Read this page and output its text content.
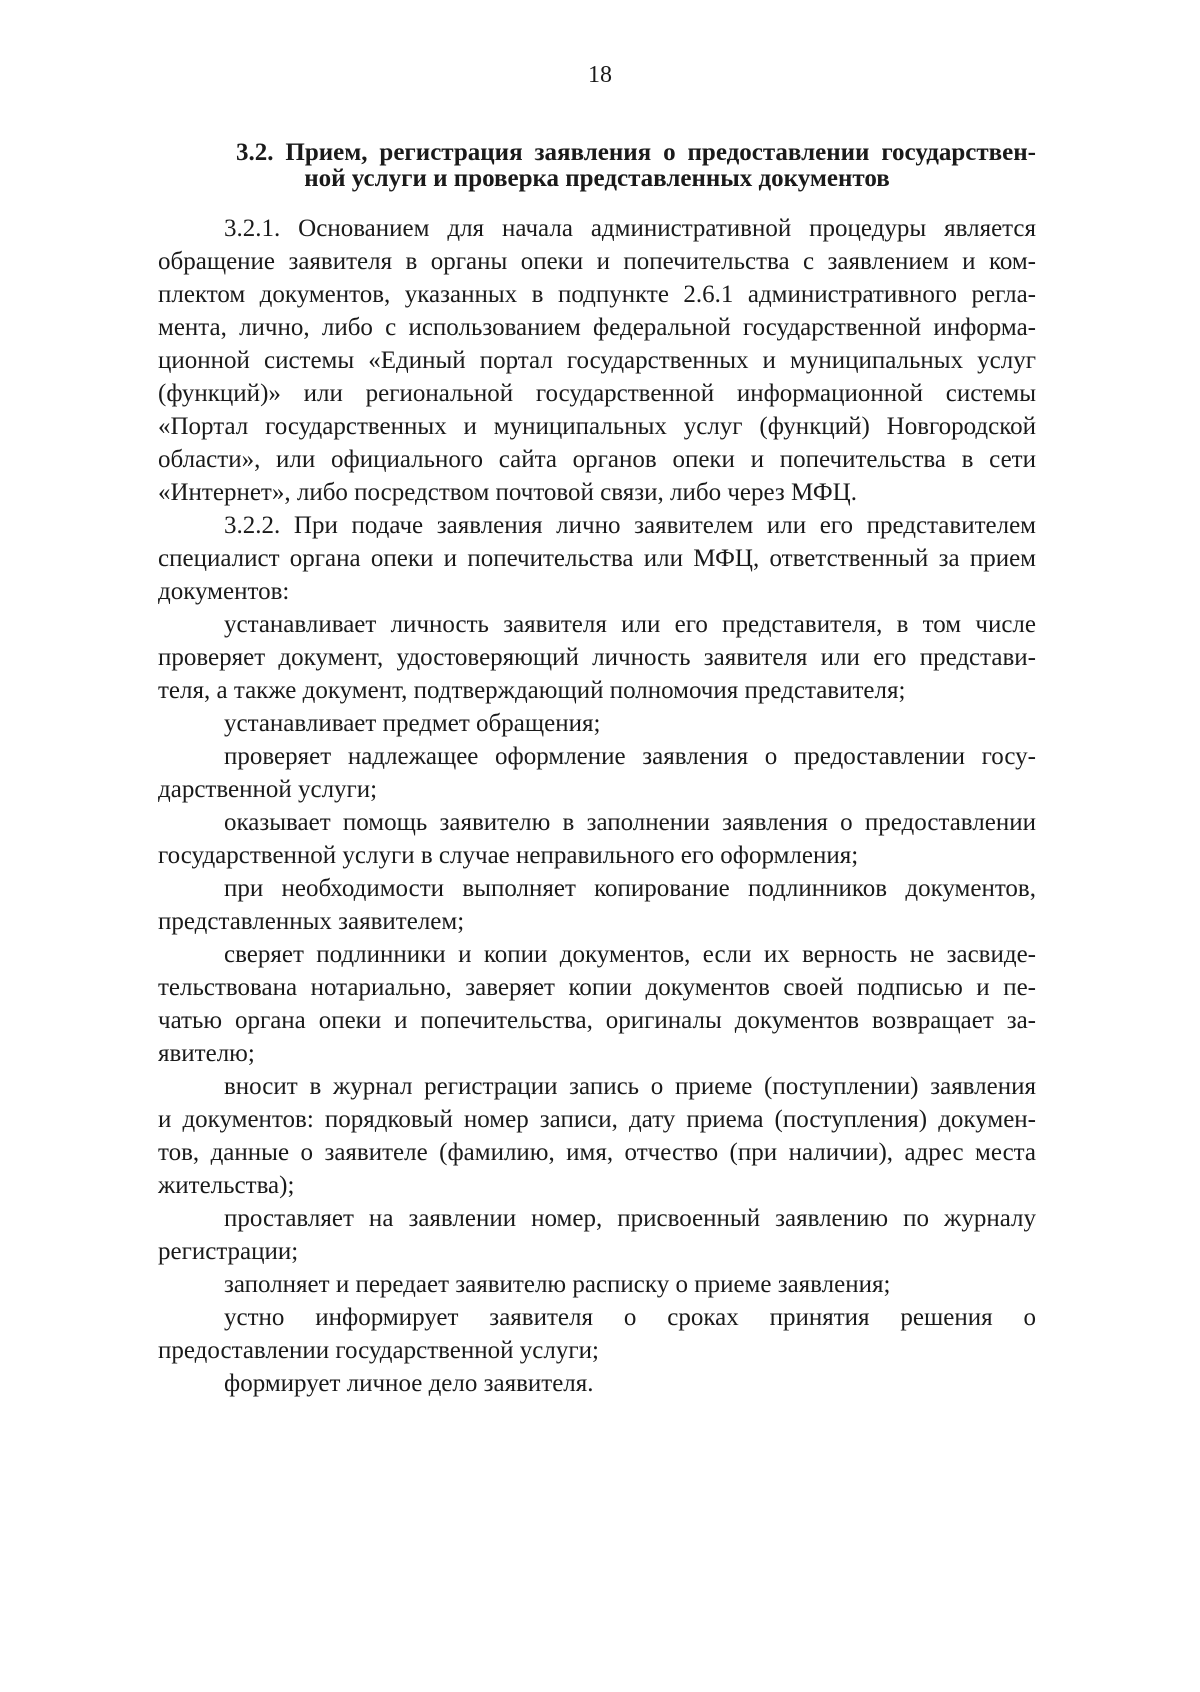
18
3.2. Прием, регистрация заявления о предоставлении государствен-
ной услуги и проверка представленных документов
3.2.1. Основанием для начала административной процедуры является
обращение заявителя в органы опеки и попечительства с заявлением и ком-
плектом документов, указанных в подпункте 2.6.1 административного регла-
мента, лично, либо с использованием федеральной государственной информа-
ционной системы «Единый портал государственных и муниципальных услуг
(функций)» или региональной государственной информационной системы
«Портал государственных и муниципальных услуг (функций) Новгородской
области», или официального сайта органов опеки и попечительства в сети
«Интернет», либо посредством почтовой связи, либо через МФЦ.
3.2.2. При подаче заявления лично заявителем или его представителем
специалист органа опеки и попечительства или МФЦ, ответственный за прием
документов:
устанавливает личность заявителя или его представителя, в том числе
проверяет документ, удостоверяющий личность заявителя или его представи-
теля, а также документ, подтверждающий полномочия представителя;
устанавливает предмет обращения;
проверяет надлежащее оформление заявления о предоставлении госу-
дарственной услуги;
оказывает помощь заявителю в заполнении заявления о предоставлении
государственной услуги в случае неправильного его оформления;
при необходимости выполняет копирование подлинников документов,
представленных заявителем;
сверяет подлинники и копии документов, если их верность не засвиде-
тельствована нотариально, заверяет копии документов своей подписью и пе-
чатью органа опеки и попечительства, оригиналы документов возвращает за-
явителю;
вносит в журнал регистрации запись о приеме (поступлении) заявления
и документов: порядковый номер записи, дату приема (поступления) докумен-
тов, данные о заявителе (фамилию, имя, отчество (при наличии), адрес места
жительства);
проставляет на заявлении номер, присвоенный заявлению по журналу
регистрации;
заполняет и передает заявителю расписку о приеме заявления;
устно информирует заявителя о сроках принятия решения о
предоставлении государственной услуги;
формирует личное дело заявителя.
